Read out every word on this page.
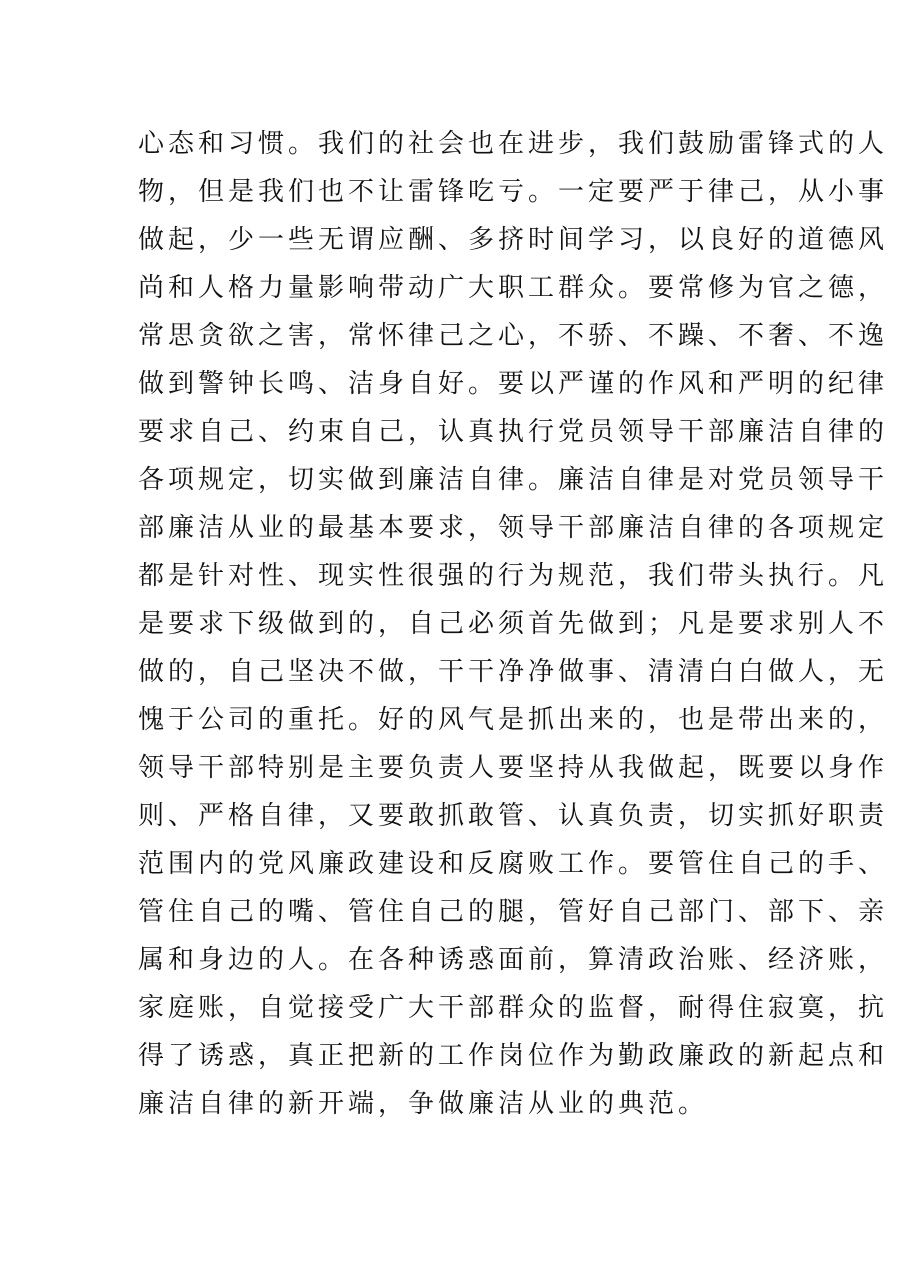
心态和习惯。我们的社会也在进步，我们鼓励雷锋式的人
物，但是我们也不让雷锋吃亏。一定要严于律己，从小事
做起，少一些无谓应酬、多挤时间学习，以良好的道德风
尚和人格力量影响带动广大职工群众。要常修为官之德，
常思贪欲之害，常怀律己之心，不骄、不躁、不奢、不逸
做到警钟长鸣、洁身自好。要以严谨的作风和严明的纪律
要求自己、约束自己，认真执行党员领导干部廉洁自律的
各项规定，切实做到廉洁自律。廉洁自律是对党员领导干
部廉洁从业的最基本要求，领导干部廉洁自律的各项规定
都是针对性、现实性很强的行为规范，我们带头执行。凡
是要求下级做到的，自己必须首先做到；凡是要求别人不
做的，自己坚决不做，干干净净做事、清清白白做人，无
愧于公司的重托。好的风气是抓出来的，也是带出来的，
领导干部特别是主要负责人要坚持从我做起，既要以身作
则、严格自律，又要敢抓敢管、认真负责，切实抓好职责
范围内的党风廉政建设和反腐败工作。要管住自己的手、
管住自己的嘴、管住自己的腿，管好自己部门、部下、亲
属和身边的人。在各种诱惑面前，算清政治账、经济账，
家庭账，自觉接受广大干部群众的监督，耐得住寂寞，抗
得了诱惑，真正把新的工作岗位作为勤政廉政的新起点和
廉洁自律的新开端，争做廉洁从业的典范。
